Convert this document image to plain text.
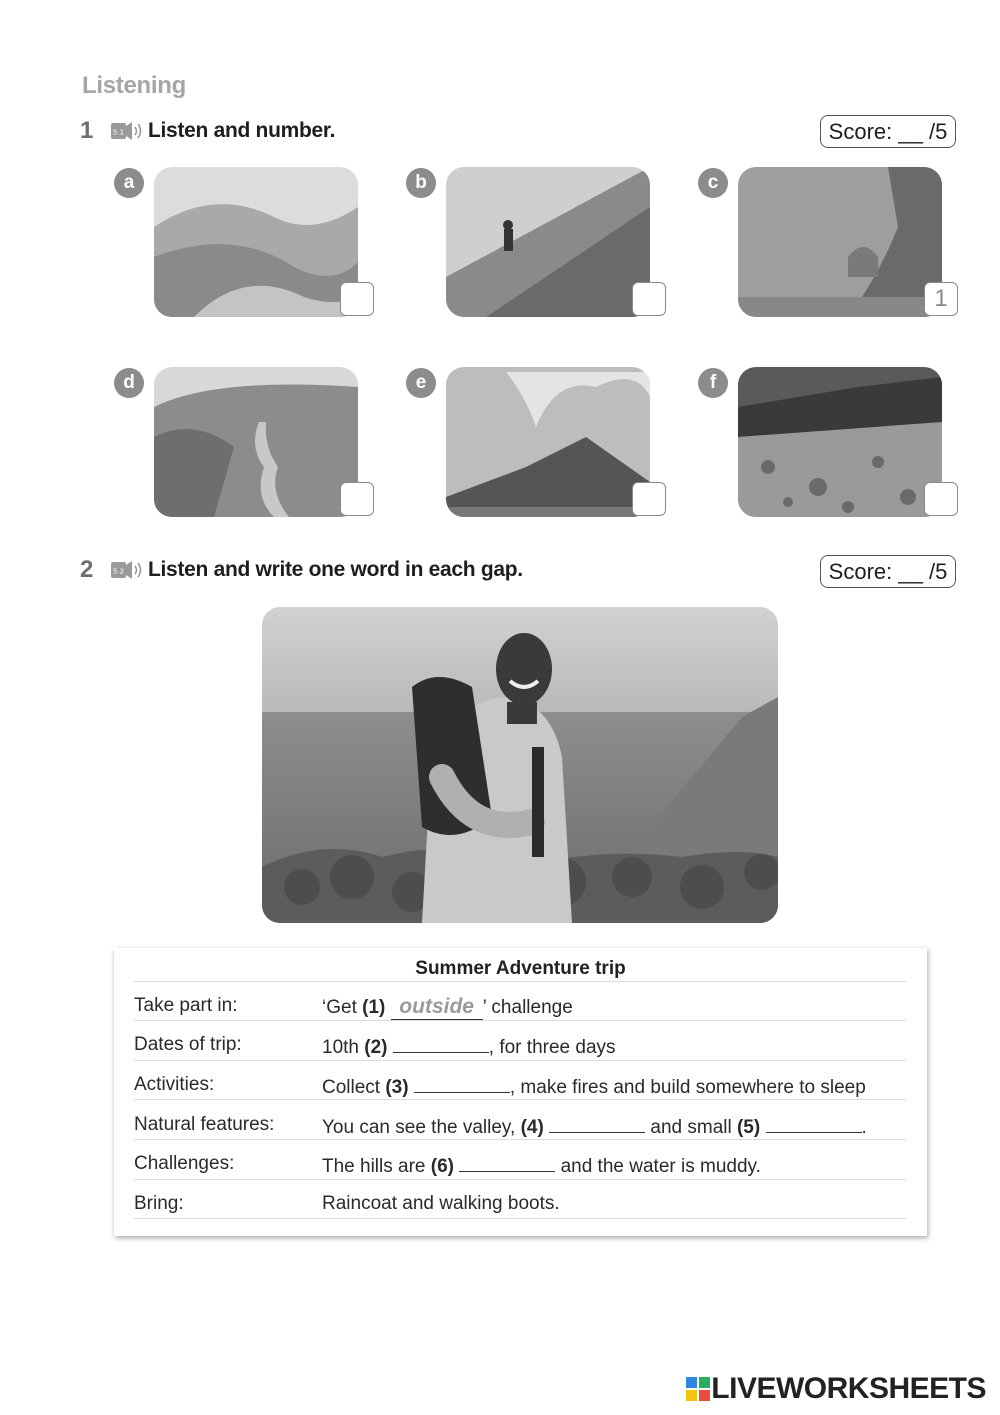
Listening
1	5.1 Listen and number.	Score: __ /5
a	b	c
1
d	e	f
2	5.2 Listen and write one word in each gap.	Score: __ /5
Summer Adventure trip
Take part in:	‘Get (1) outside ’ challenge
Dates of trip:	10th (2)	, for three days
Activities:	Collect (3)	, make fires and build somewhere to sleep
Natural features:	You can see the valley, (4)	and small (5)	.
Challenges:	The hills are (6)	and the water is muddy.
Bring:	Raincoat and walking boots.
LIVEWORKSHEETS
